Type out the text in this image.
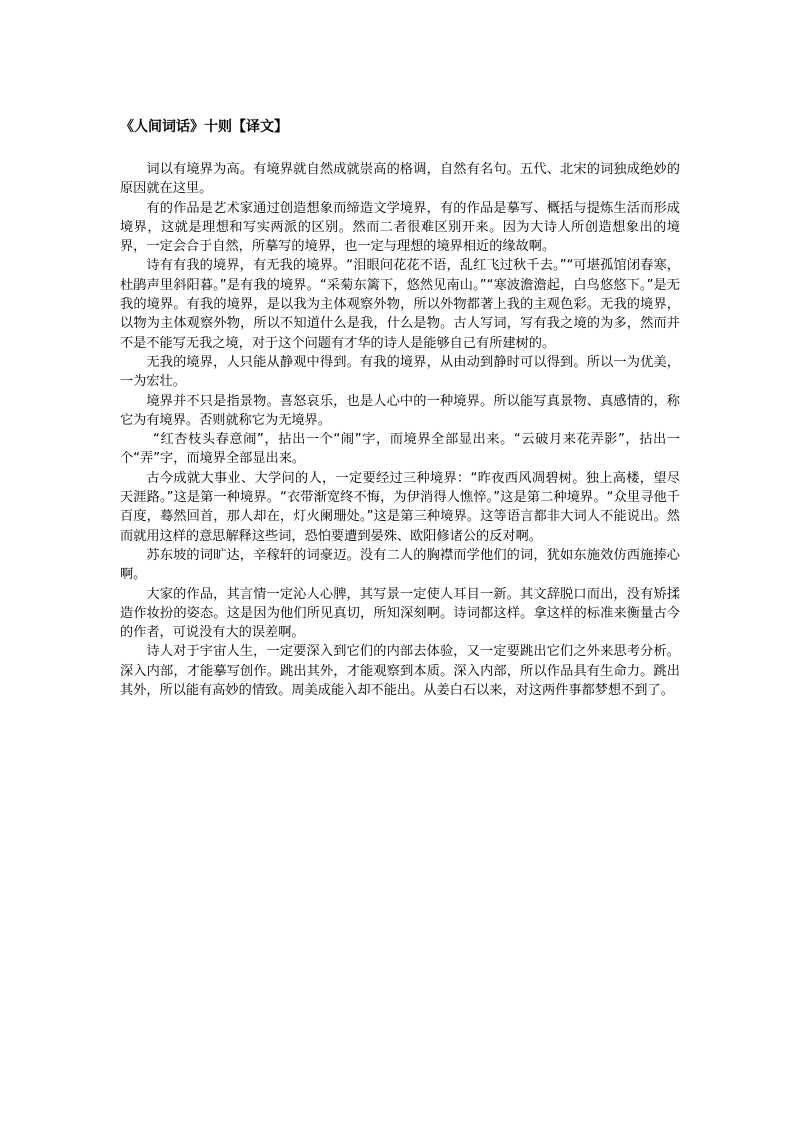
《人间词话》十则【译文】

词以有境界为高。有境界就自然成就崇高的格调，自然有名句。五代、北宋的词独成绝妙的原因就在这里。

有的作品是艺术家通过创造想象而缔造文学境界，有的作品是摹写、概括与提炼生活而形成境界，这就是理想和写实两派的区别。然而二者很难区别开来。因为大诗人所创造想象出的境界，一定会合于自然，所摹写的境界，也一定与理想的境界相近的缘故啊。

诗有有我的境界，有无我的境界。“泪眼问花花不语，乱红飞过秋千去。”“可堪孤馆闭春寒，杜鹃声里斜阳暮。”是有我的境界。“采菊东篱下，悠然见南山。”“寒波澹澹起，白鸟悠悠下。”是无我的境界。有我的境界，是以我为主体观察外物，所以外物都著上我的主观色彩。无我的境界，以物为主体观察外物，所以不知道什么是我，什么是物。古人写词，写有我之境的为多，然而并不是不能写无我之境，对于这个问题有才华的诗人是能够自己有所建树的。

无我的境界，人只能从静观中得到。有我的境界，从由动到静时可以得到。所以一为优美，一为宏壮。

境界并不只是指景物。喜怒哀乐，也是人心中的一种境界。所以能写真景物、真感情的，称它为有境界。否则就称它为无境界。

“红杏枝头春意闹”，拈出一个“闹”字，而境界全部显出来。“云破月来花弄影”，拈出一个“弄”字，而境界全部显出来。

古今成就大事业、大学问的人，一定要经过三种境界：“昨夜西风凋碧树。独上高楼，望尽天涯路。”这是第一种境界。“衣带渐宽终不悔，为伊消得人憔悴。”这是第二种境界。“众里寻他千百度，蓦然回首，那人却在，灯火阑珊处。”这是第三种境界。这等语言都非大词人不能说出。然而就用这样的意思解释这些词，恐怕要遭到晏殊、欧阳修诸公的反对啊。

苏东坡的词旷达，辛稼轩的词豪迈。没有二人的胸襟而学他们的词，犹如东施效仿西施捧心啊。

大家的作品，其言情一定沁人心脾，其写景一定使人耳目一新。其文辞脱口而出，没有矫揉造作妆扮的姿态。这是因为他们所见真切，所知深刻啊。诗词都这样。拿这样的标准来衡量古今的作者，可说没有大的误差啊。

诗人对于宇宙人生，一定要深入到它们的内部去体验，又一定要跳出它们之外来思考分析。深入内部，才能摹写创作。跳出其外，才能观察到本质。深入内部，所以作品具有生命力。跳出其外，所以能有高妙的情致。周美成能入却不能出。从姜白石以来，对这两件事都梦想不到了。
